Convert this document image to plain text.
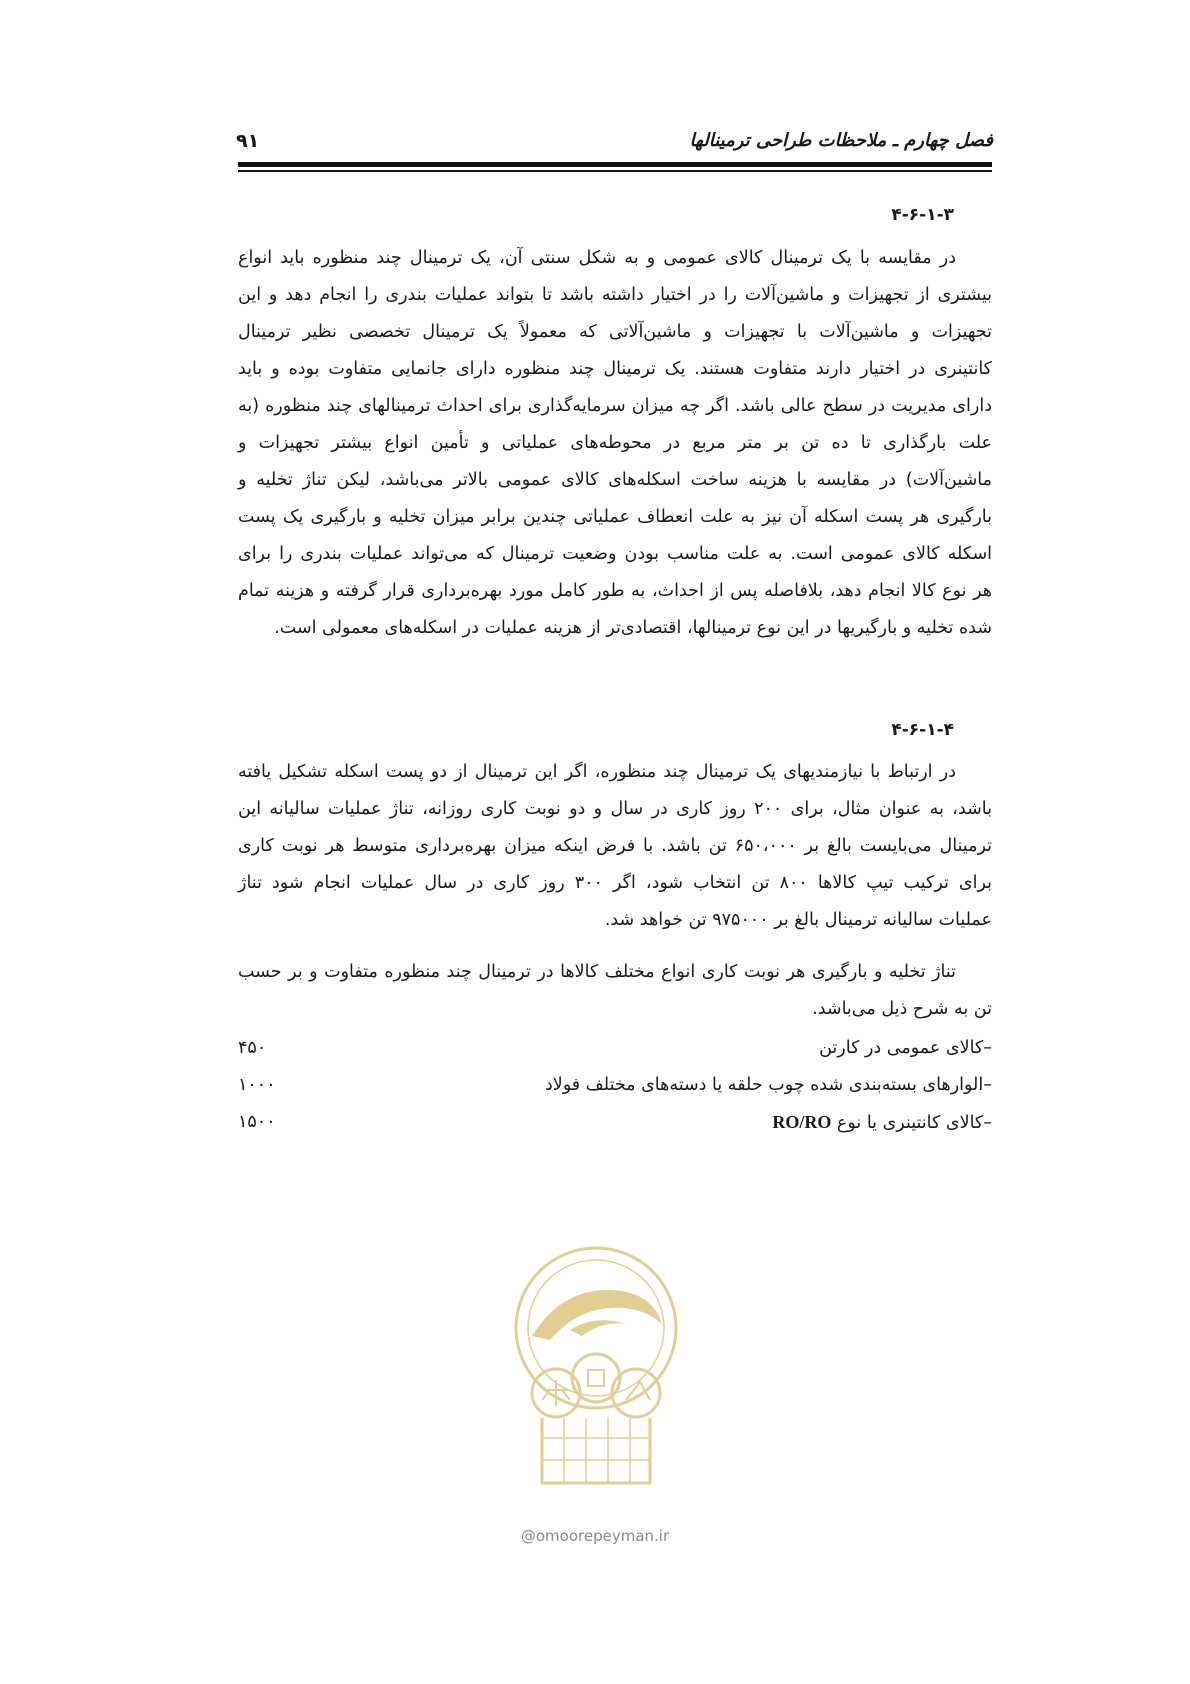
فصل چهارم ـ ملاحظات طراحی ترمینالها
۹۱
۴-۶-۱-۳
در مقایسه با یک ترمینال کالای عمومی و به شکل سنتی آن، یک ترمینال چند منظوره باید انواع
بیشتری از تجهیزات و ماشین‌آلات را در اختیار داشته باشد تا بتواند عملیات بندری را انجام دهد و این
تجهیزات و ماشین‌آلات با تجهیزات و ماشین‌آلاتی که معمولاً یک ترمینال تخصصی نظیر ترمینال
کانتینری در اختیار دارند متفاوت هستند. یک ترمینال چند منظوره دارای جانمایی متفاوت بوده و باید
دارای مدیریت در سطح عالی باشد. اگر چه میزان سرمایه‌گذاری برای احداث ترمینالهای چند منظوره (به
علت بارگذاری تا ده تن بر متر مربع در محوطه‌های عملیاتی و تأمین انواع بیشتر تجهیزات و
ماشین‌آلات) در مقایسه با هزینه ساخت اسکله‌های کالای عمومی بالاتر می‌باشد، لیکن تناژ تخلیه و
بارگیری هر پست اسکله آن نیز به علت انعطاف عملیاتی چندین برابر میزان تخلیه و بارگیری یک پست
اسکله کالای عمومی است. به علت مناسب بودن وضعیت ترمینال که می‌تواند عملیات بندری را برای
هر نوع کالا انجام دهد، بلافاصله پس از احداث، به طور کامل مورد بهره‌برداری قرار گرفته و هزینه تمام
شده تخلیه و بارگیریها در این نوع ترمینالها، اقتصادی‌تر از هزینه عملیات در اسکله‌های معمولی است.
۴-۶-۱-۴
در ارتباط با نیازمندیهای یک ترمینال چند منظوره، اگر این ترمینال از دو پست اسکله تشکیل یافته
باشد، به عنوان مثال، برای ۲۰۰ روز کاری در سال و دو نوبت کاری روزانه، تناژ عملیات سالیانه این
ترمینال می‌بایست بالغ بر ۶۵۰،۰۰۰ تن باشد. با فرض اینکه میزان بهره‌برداری متوسط هر نوبت کاری
برای ترکیب تیپ کالاها ۸۰۰ تن انتخاب شود، اگر ۳۰۰ روز کاری در سال عملیات انجام شود تناژ
عملیات سالیانه ترمینال بالغ بر ۹۷۵۰۰۰ تن خواهد شد.
تناژ تخلیه و بارگیری هر نوبت کاری انواع مختلف کالاها در ترمینال چند منظوره متفاوت و بر حسب
تن به شرح ذیل می‌باشد.
–کالای عمومی در کارتن
۴۵۰
–الوارهای بسته‌بندی شده چوب حلقه یا دسته‌های مختلف فولاد
۱۰۰۰
–کالای کانتینری یا نوع RO/RO
۱۵۰۰
@omoorepeyman.ir
